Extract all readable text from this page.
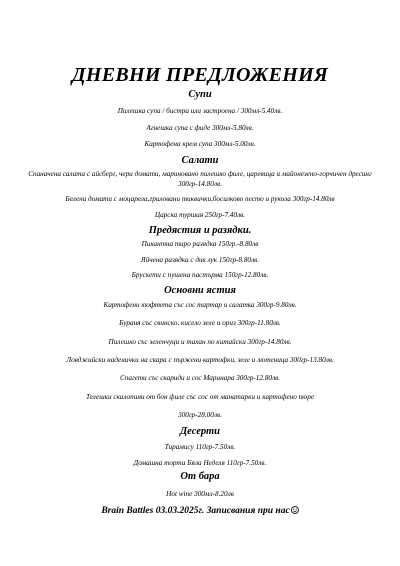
ДНЕВНИ ПРЕДЛОЖЕНИЯ
Супи
Пилешка супа / бистра или застроена / 300мл-5.40лв.
Агнешка супа с фиде 300мл-5.80лв.
Картофена крем супа 300мл-5.00лв.
Салати
Спаначена салата с айсберг, чери домати, мариновано пилешко филе, царевица и майонезено-горчичен дресинг 300гр-14.80лв.
Белени домати с моцарела,гриловани тиквички,босилково песто и рукола 300гр-14.80лв
Царска туршия 250гр-7.40лв.
Предястия и разядки.
Пикантна тиро разядка 150гр.-8.80лв
Яйчена разядка с див лук 150гр-8.80лв.
Брускети с пушена пастърма 150гр-12.80лв.
Основни ястия
Картофени кюфтета със сос тартар и салатка 300гр-9.80лв.
Бураня със свинско, кисело зеле и ориз 300гр-11.80лв.
Пилешко със зеленчуци и тахан по китайски 300гр-14.80лв.
Ловджийски наденички на скара с пържени картофки, зеле и лютеница 300гр-13.80лв.
Спагети със скариди и сос Маринара 300гр-12.80лв.
Телешки скалопини от бон филе със сос от манатарки и картофено пюре
300гр-28.00лв.
Десерти
Тирамису 110гр-7.50лв.
Домашна торта Бяла Неделя 110гр-7.50лв.
От бара
Hot wine 300мл-8.20лв
Brain Battles 03.03.2025г. Записвания при нас
